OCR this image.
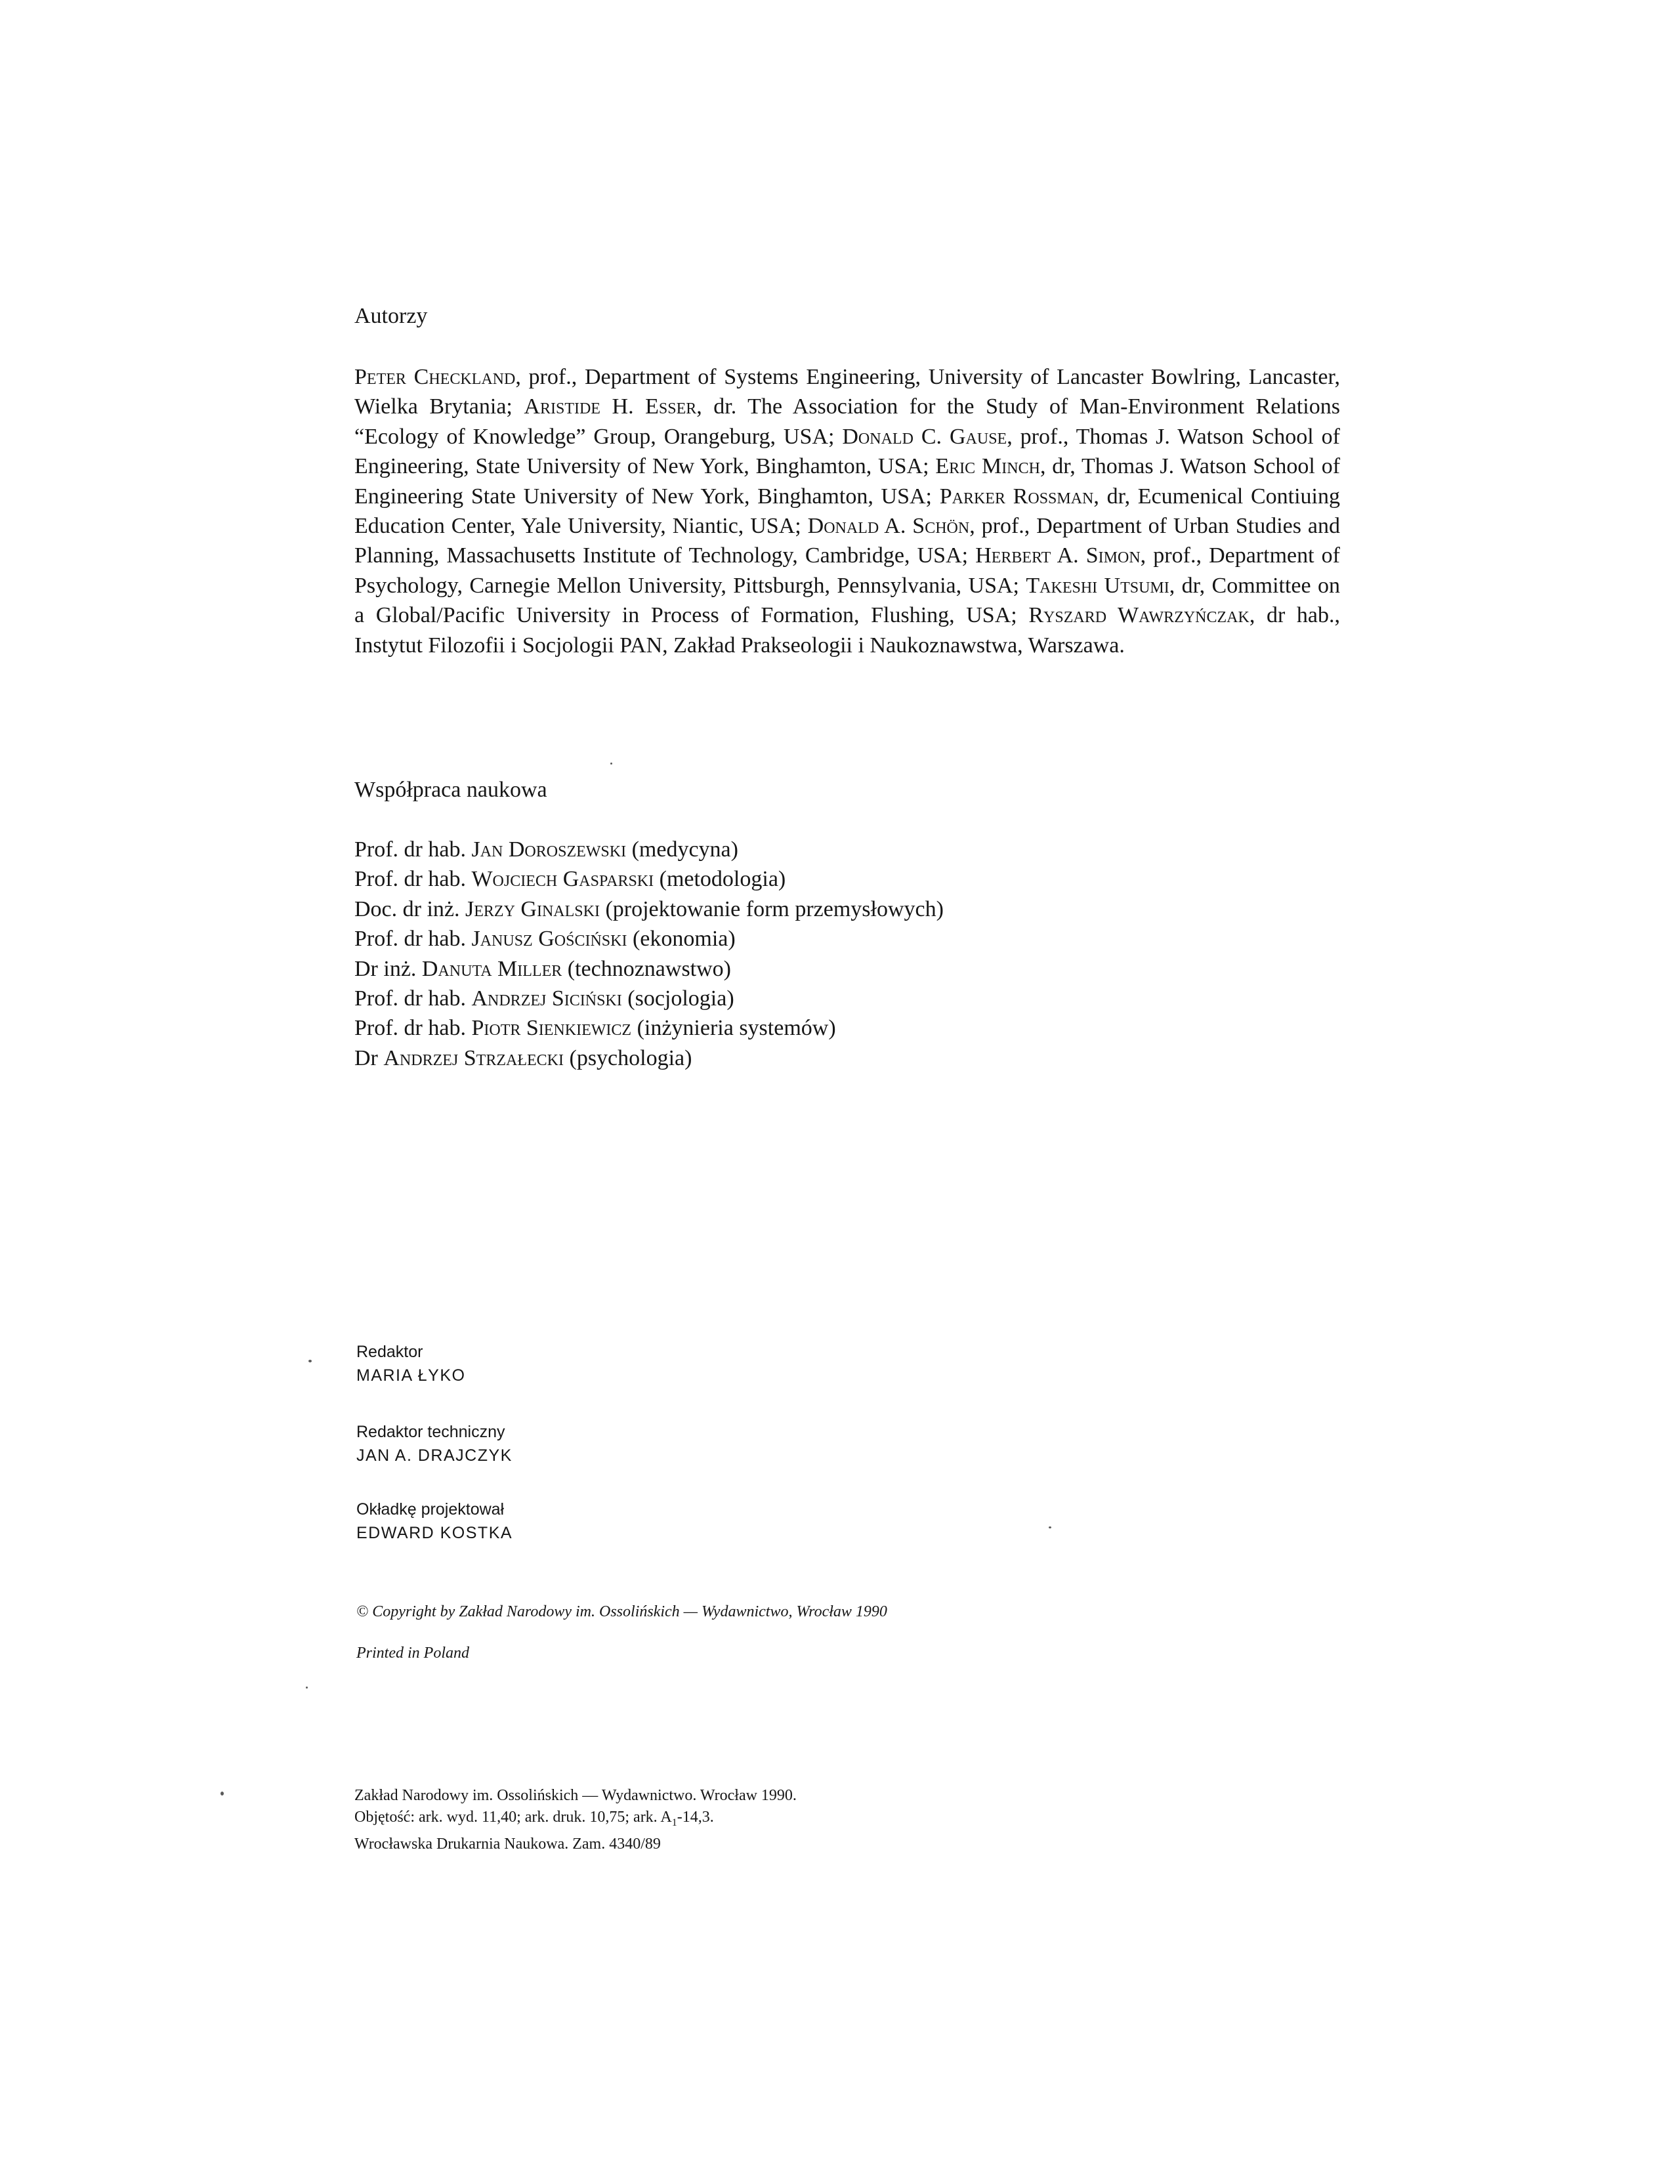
Autorzy
Peter Checkland, prof., Department of Systems Engineering, University of Lancaster Bowlring, Lancaster, Wielka Brytania; Aristide H. Esser, dr. The Association for the Study of Man-Environment Relations “Ecology of Knowledge” Group, Orangeburg, USA; Donald C. Gause, prof., Thomas J. Watson School of Engineering, State University of New York, Binghamton, USA; Eric Minch, dr, Thomas J. Watson School of Engineering State University of New York, Binghamton, USA; Parker Rossman, dr, Ecumenical Contiuing Education Center, Yale University, Niantic, USA; Donald A. Schön, prof., Department of Urban Studies and Planning, Massachusetts Institute of Technology, Cambridge, USA; Herbert A. Simon, prof., Department of Psychology, Carnegie Mellon University, Pittsburgh, Pennsylvania, USA; Takeshi Utsumi, dr, Committee on a Global/Pacific University in Process of Formation, Flushing, USA; Ryszard Wawrzyńczak, dr hab., Instytut Filozofii i Socjologii PAN, Zakład Prakseologii i Naukoznawstwa, Warszawa.
Współpraca naukowa
Prof. dr hab. Jan Doroszewski (medycyna)
Prof. dr hab. Wojciech Gasparski (metodologia)
Doc. dr inż. Jerzy Ginalski (projektowanie form przemysłowych)
Prof. dr hab. Janusz Gościński (ekonomia)
Dr inż. Danuta Miller (technoznawstwo)
Prof. dr hab. Andrzej Siciński (socjologia)
Prof. dr hab. Piotr Sienkiewicz (inżynieria systemów)
Dr Andrzej Strzałecki (psychologia)
Redaktor
MARIA ŁYKO
Redaktor techniczny
JAN A. DRAJCZYK
Okładkę projektował
EDWARD KOSTKA
© Copyright by Zakład Narodowy im. Ossolińskich — Wydawnictwo, Wrocław 1990
Printed in Poland
Zakład Narodowy im. Ossolińskich — Wydawnictwo. Wrocław 1990.
Objętość: ark. wyd. 11,40; ark. druk. 10,75; ark. $A_1-14,3$.
Wrocławska Drukarnia Naukowa. Zam. 4340/89
